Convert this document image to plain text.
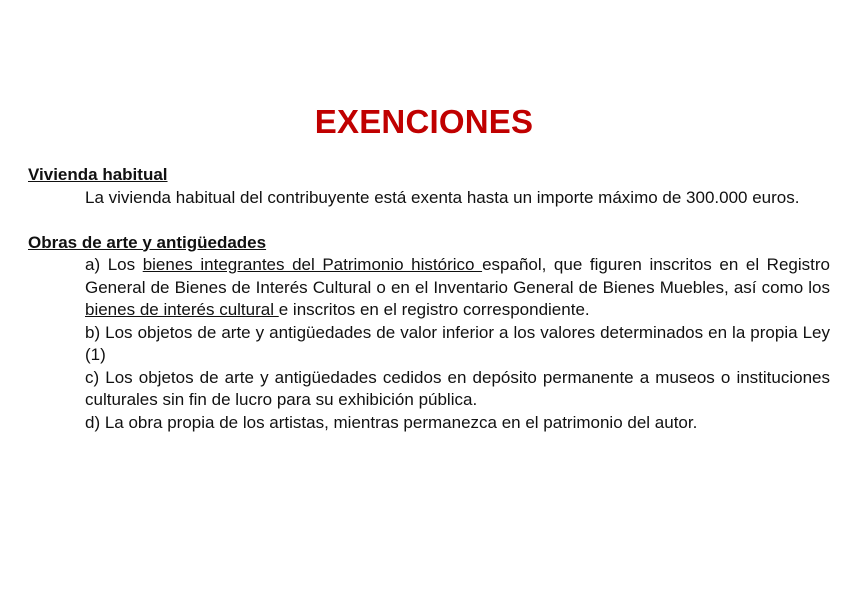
EXENCIONES

Vivienda habitual

La vivienda habitual del contribuyente está exenta hasta un importe máximo de 300.000 euros.

Obras de arte y antigüedades

a) Los bienes integrantes del Patrimonio histórico español, que figuren inscritos en el Registro General de Bienes de Interés Cultural o en el Inventario General de Bienes Muebles, así como los bienes de interés cultural e inscritos en el registro correspondiente.

b) Los objetos de arte y antigüedades de valor inferior a los valores determinados en la propia Ley (1)

c) Los objetos de arte y antigüedades cedidos en depósito permanente a museos o instituciones culturales sin fin de lucro para su exhibición pública.

d) La obra propia de los artistas, mientras permanezca en el patrimonio del autor.
